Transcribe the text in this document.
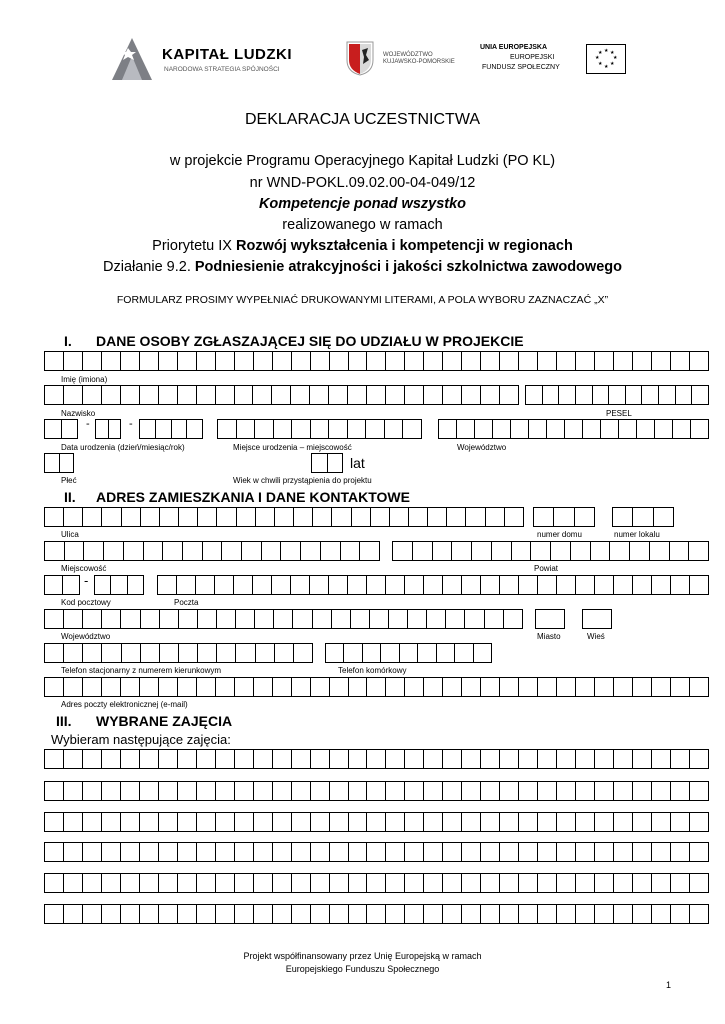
KAPITAŁ LUDZKI
NARODOWA STRATEGIA SPÓJNOŚCI
WOJEWÓDZTWO
KUJAWSKO-POMORSKIE
UNIA EUROPEJSKA
EUROPEJSKI
FUNDUSZ SPOŁECZNY
★ ★
★
★
★
★
★
★
DEKLARACJA UCZESTNICTWA
w projekcie Programu Operacyjnego Kapitał Ludzki (PO KL)
nr WND-POKL.09.02.00-04-049/12
Kompetencje ponad wszystko
realizowanego w ramach
Priorytetu IX Rozwój wykształcenia i kompetencji w regionach
Działanie 9.2. Podniesienie atrakcyjności i jakości szkolnictwa zawodowego
FORMULARZ PROSIMY WYPEŁNIAĆ DRUKOWANYMI LITERAMI, A POLA WYBORU ZAZNACZAĆ „X”
I. DANE OSOBY ZGŁASZAJĄCEJ SIĘ DO UDZIAŁU W PROJEKCIE
Imię (imiona)
Nazwisko	PESEL
-	-
Data urodzenia (dzień/miesiąc/rok)	Miejsce urodzenia – miejscowość	Województwo
lat
Płeć	Wiek w chwili przystąpienia do projektu
II. ADRES ZAMIESZKANIA I DANE KONTAKTOWE
Ulica	numer domu	numer lokalu
Miejscowość	Powiat
-
Kod pocztowy	Poczta
Województwo	Miasto	Wieś
Telefon stacjonarny z numerem kierunkowym	Telefon komórkowy
Adres poczty elektronicznej (e-mail)
III. WYBRANE ZAJĘCIA
Wybieram następujące zajęcia:
Projekt współfinansowany przez Unię Europejską w ramach
Europejskiego Funduszu Społecznego
1
